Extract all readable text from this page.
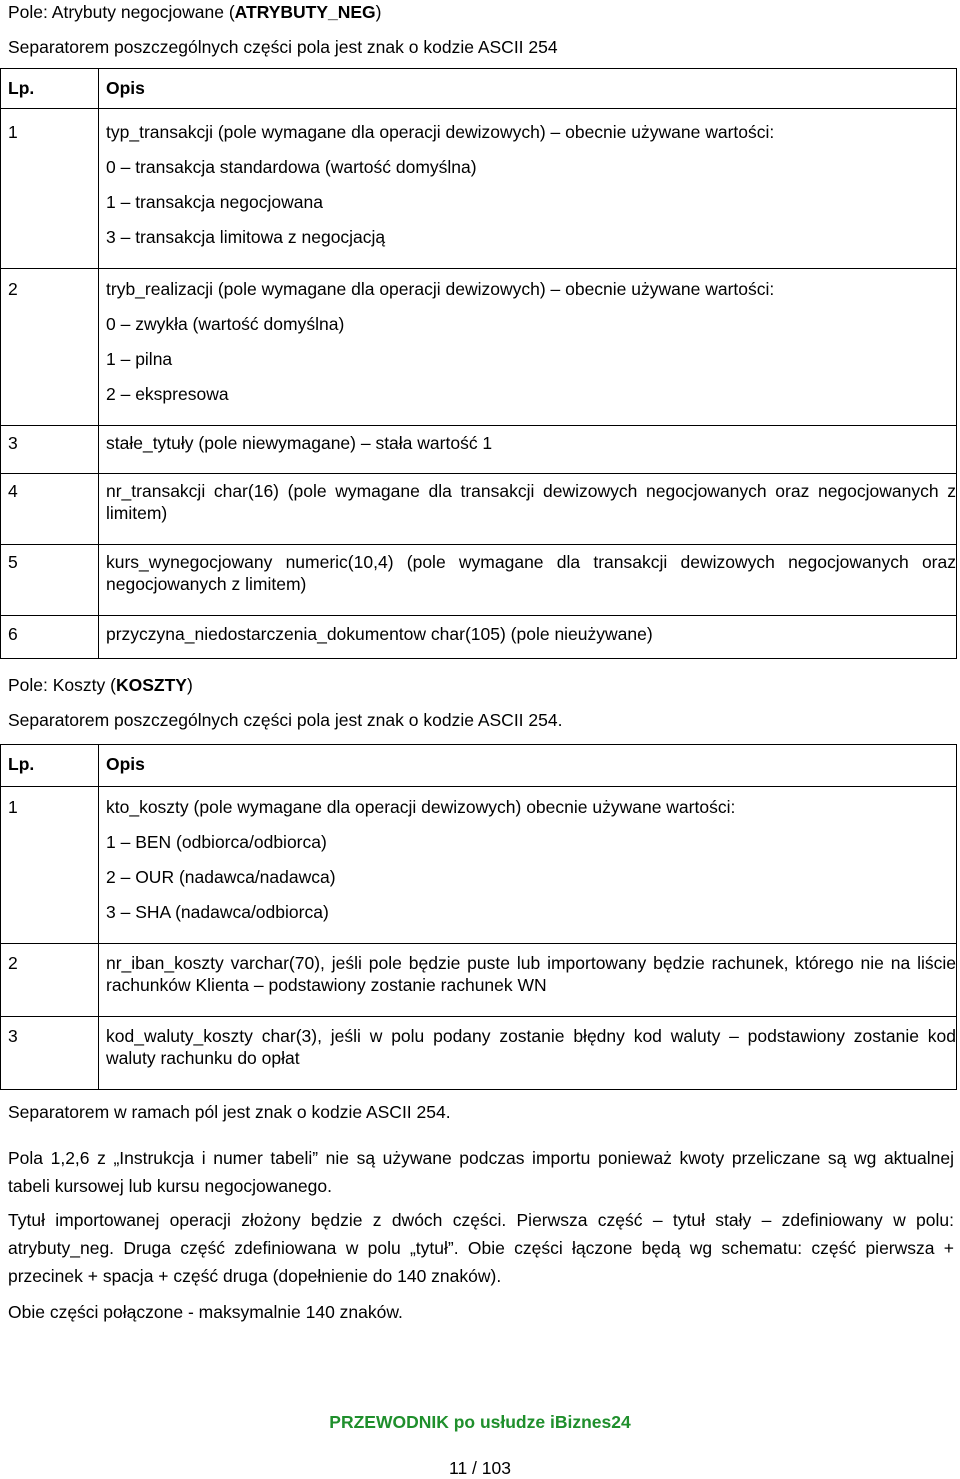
Pole: Atrybuty negocjowane (ATRYBUTY_NEG)
Separatorem poszczególnych części pola jest znak o kodzie ASCII 254
Lp.	Opis
1	typ_transakcji (pole wymagane dla operacji dewizowych) – obecnie używane wartości:
0 – transakcja standardowa (wartość domyślna)
1 – transakcja negocjowana
3 – transakcja limitowa z negocjacją

2	tryb_realizacji (pole wymagane dla operacji dewizowych) – obecnie używane wartości:
0 – zwykła (wartość domyślna)
1 – pilna
2 – ekspresowa

3	stałe_tytuły (pole niewymagane) – stała wartość 1
4	nr_transakcji char(16) (pole wymagane dla transakcji dewizowych negocjowanych oraz negocjowanych z limitem)
5	kurs_wynegocjowany numeric(10,4) (pole wymagane dla transakcji dewizowych negocjowanych oraz negocjowanych z limitem)
6	przyczyna_niedostarczenia_dokumentow char(105) (pole nieużywane)
Pole: Koszty (KOSZTY)
Separatorem poszczególnych części pola jest znak o kodzie ASCII 254.
Lp.	Opis
1	kto_koszty (pole wymagane dla operacji dewizowych) obecnie używane wartości:
1 – BEN (odbiorca/odbiorca)
2 – OUR (nadawca/nadawca)
3 – SHA (nadawca/odbiorca)

2	nr_iban_koszty varchar(70), jeśli pole będzie puste lub importowany będzie rachunek, którego nie na liście rachunków Klienta – podstawiony zostanie rachunek WN
3	kod_waluty_koszty char(3), jeśli w polu podany zostanie błędny kod waluty – podstawiony zostanie kod waluty rachunku do opłat
Separatorem w ramach pól jest znak o kodzie ASCII 254.
Pola 1,2,6 z „Instrukcja i numer tabeli” nie są używane podczas importu ponieważ kwoty przeliczane są wg aktualnej tabeli kursowej lub kursu negocjowanego.
Tytuł importowanej operacji złożony będzie z dwóch części. Pierwsza część – tytuł stały – zdefiniowany w polu: atrybuty_neg. Druga część zdefiniowana w polu „tytuł”. Obie części łączone będą wg schematu: część pierwsza + przecinek + spacja + część druga (dopełnienie do 140 znaków).
Obie części połączone - maksymalnie 140 znaków.
PRZEWODNIK po usłudze iBiznes24
11 / 103
